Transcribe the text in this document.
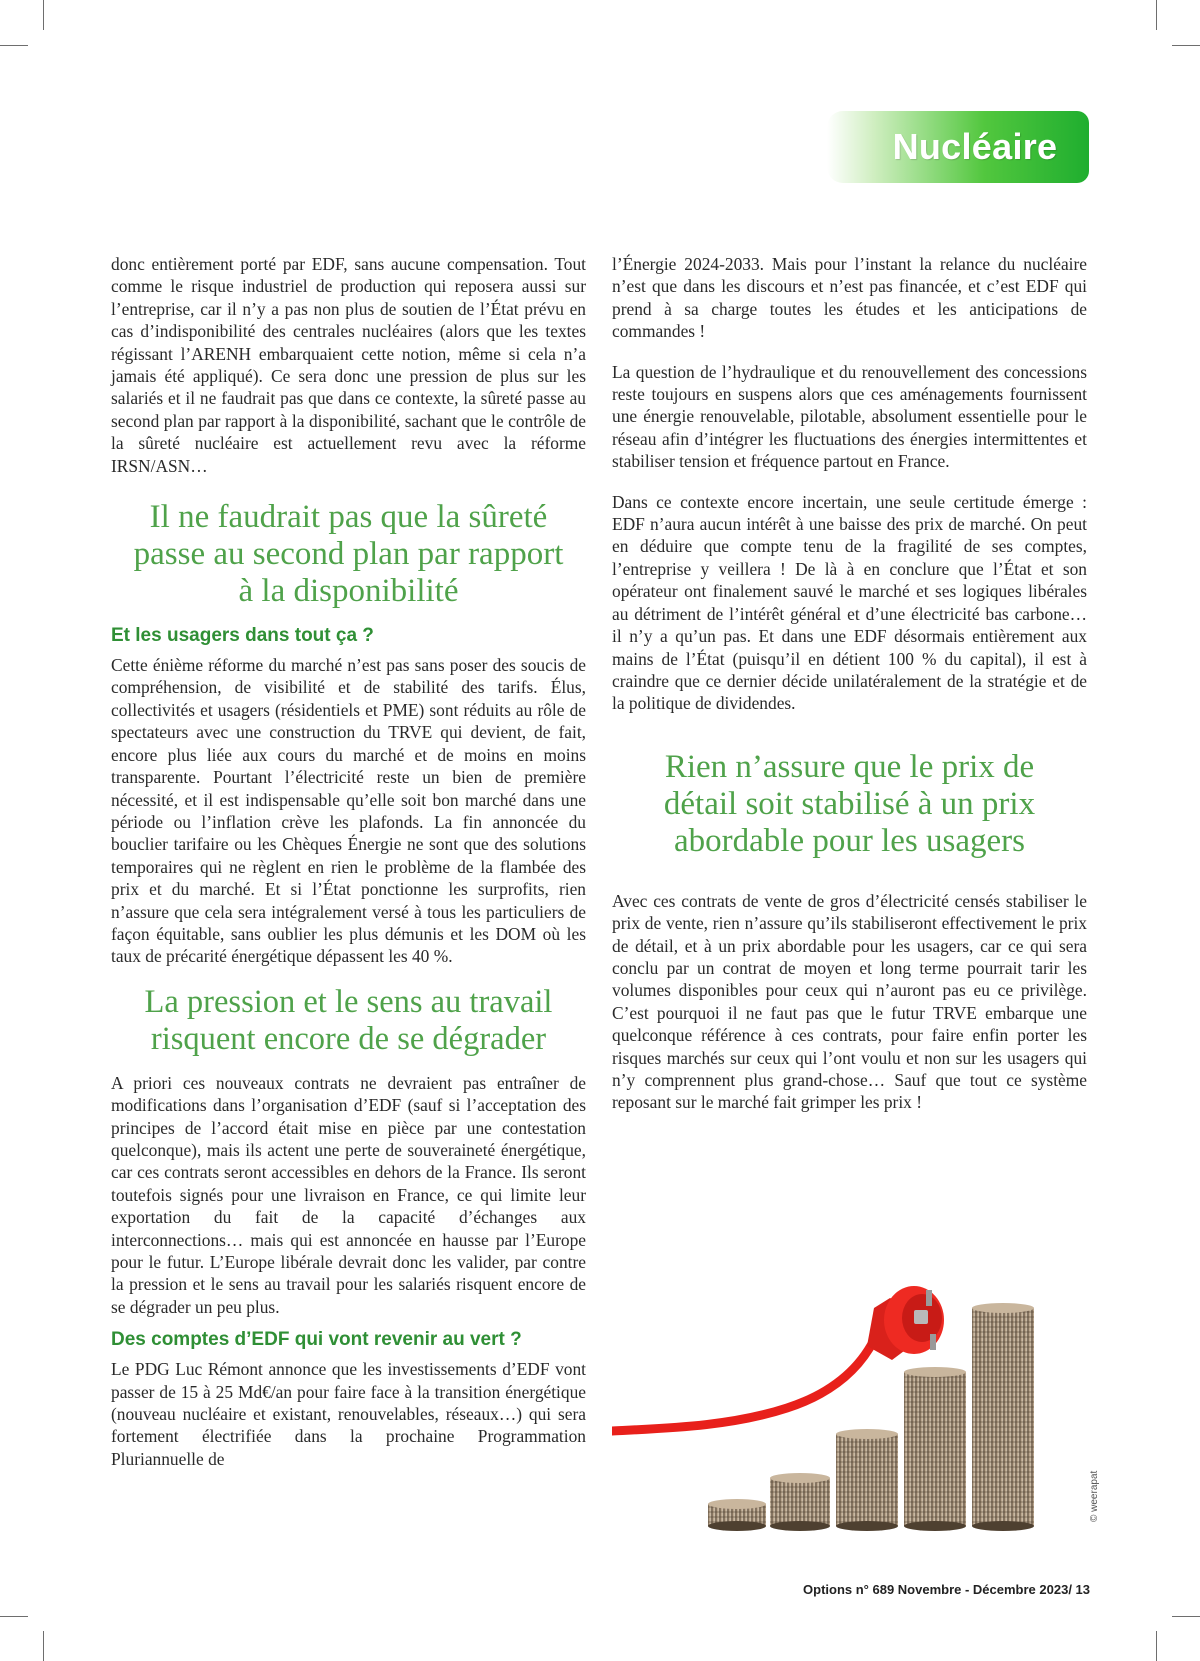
Nucléaire

donc entièrement porté par EDF, sans aucune compensation. Tout comme le risque industriel de production qui reposera aussi sur l’entreprise, car il n’y a pas non plus de soutien de l’État prévu en cas d’indisponibilité des centrales nucléaires (alors que les textes régissant l’ARENH embarquaient cette notion, même si cela n’a jamais été appliqué). Ce sera donc une pression de plus sur les salariés et il ne faudrait pas que dans ce contexte, la sûreté passe au second plan par rapport à la disponibilité, sachant que le contrôle de la sûreté nucléaire est actuellement revu avec la réforme IRSN/ASN…

Il ne faudrait pas que la sûreté passe au second plan par rapport à la disponibilité
Et les usagers dans tout ça ?

Cette énième réforme du marché n’est pas sans poser des soucis de compréhension, de visibilité et de stabilité des tarifs. Élus, collectivités et usagers (résidentiels et PME) sont réduits au rôle de spectateurs avec une construction du TRVE qui devient, de fait, encore plus liée aux cours du marché et de moins en moins transparente. Pourtant l’électricité reste un bien de première nécessité, et il est indispensable qu’elle soit bon marché dans une période ou l’inflation crève les plafonds. La fin annoncée du bouclier tarifaire ou les Chèques Énergie ne sont que des solutions temporaires qui ne règlent en rien le problème de la flambée des prix et du marché. Et si l’État ponctionne les surprofits, rien n’assure que cela sera intégralement versé à tous les particuliers de façon équitable, sans oublier les plus démunis et les DOM où les taux de précarité énergétique dépassent les 40 %.

La pression et le sens au travail risquent encore de se dégrader

A priori ces nouveaux contrats ne devraient pas entraîner de modifications dans l’organisation d’EDF (sauf si l’acceptation des principes de l’accord était mise en pièce par une contestation quelconque), mais ils actent une perte de souveraineté énergétique, car ces contrats seront accessibles en dehors de la France. Ils seront toutefois signés pour une livraison en France, ce qui limite leur exportation du fait de la capacité d’échanges aux interconnections… mais qui est annoncée en hausse par l’Europe pour le futur. L’Europe libérale devrait donc les valider, par contre la pression et le sens au travail pour les salariés risquent encore de se dégrader un peu plus.

Des comptes d’EDF qui vont revenir au vert ?

Le PDG Luc Rémont annonce que les investissements d’EDF vont passer de 15 à 25 Md€/an pour faire face à la transition énergétique (nouveau nucléaire et existant, renouvelables, réseaux…) qui sera fortement électrifiée dans la prochaine Programmation Pluriannuelle de

l’Énergie 2024-2033. Mais pour l’instant la relance du nucléaire n’est que dans les discours et n’est pas financée, et c’est EDF qui prend à sa charge toutes les études et les anticipations de commandes !

La question de l’hydraulique et du renouvellement des concessions reste toujours en suspens alors que ces aménagements fournissent une énergie renouvelable, pilotable, absolument essentielle pour le réseau afin d’intégrer les fluctuations des énergies intermittentes et stabiliser tension et fréquence partout en France.

Dans ce contexte encore incertain, une seule certitude émerge : EDF n’aura aucun intérêt à une baisse des prix de marché. On peut en déduire que compte tenu de la fragilité de ses comptes, l’entreprise y veillera ! De là à en conclure que l’État et son opérateur ont finalement sauvé le marché et ses logiques libérales au détriment de l’intérêt général et d’une électricité bas carbone… il n’y a qu’un pas. Et dans une EDF désormais entièrement aux mains de l’État (puisqu’il en détient 100 % du capital), il est à craindre que ce dernier décide unilatéralement de la stratégie et de la politique de dividendes.

Rien n’assure que le prix de détail soit stabilisé à un prix abordable pour les usagers

Avec ces contrats de vente de gros d’électricité censés stabiliser le prix de vente, rien n’assure qu’ils stabiliseront effectivement le prix de détail, et à un prix abordable pour les usagers, car ce qui sera conclu par un contrat de moyen et long terme pourrait tarir les volumes disponibles pour ceux qui n’auront pas eu ce privilège. C’est pourquoi il ne faut pas que le futur TRVE embarque une quelconque référence à ces contrats, pour faire enfin porter les risques marchés sur ceux qui l’ont voulu et non sur les usagers qui n’y comprennent plus grand-chose… Sauf que tout ce système reposant sur le marché fait grimper les prix !

© weerapat
Options n° 689 Novembre - Décembre 2023/ 13
